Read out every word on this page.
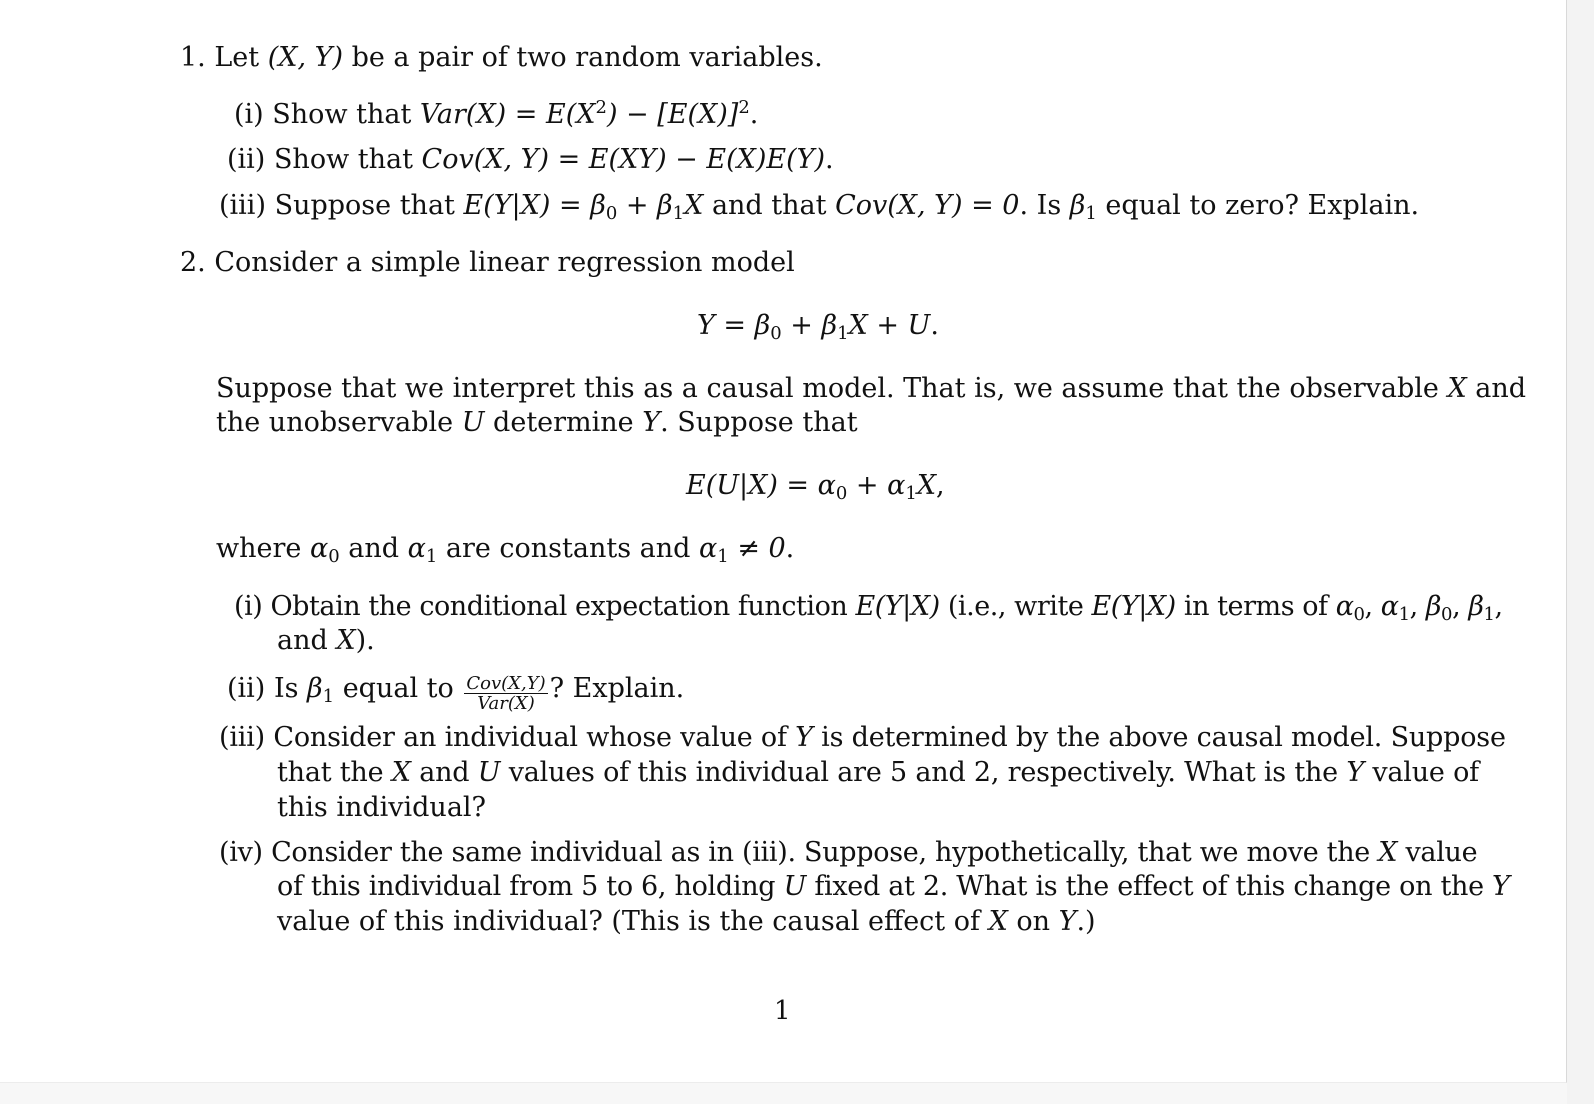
1. Let (X, Y) be a pair of two random variables.
(i) Show that $Var(X) = E(X^2) - [E(X)]^2$.
(ii) Show that Cov(X, Y) = E(XY) − E(X)E(Y).
(iii) Suppose that $E(Y|X) = \beta_0 + \beta_1X$ and that Cov(X, Y) = 0. Is $\beta_1$ equal to zero? Explain.
2. Consider a simple linear regression model
$Y = \beta_0 + \beta_1X + U$.
Suppose that we interpret this as a causal model. That is, we assume that the observable X and
the unobservable U determine Y. Suppose that
$E(U|X) = \alpha_0 + \alpha_1X$,
where $\alpha_0$ and $\alpha_1$ are constants and $\alpha_1 \ne 0$.
(i) Obtain the conditional expectation function E(Y|X) (i.e., write E(Y|X) in terms of $\alpha_0$, $\alpha_1$, $\beta_0$, $\beta_1$,
and X).
(ii) Is $\beta_1$ equal to $\frac{\text{Cov(X,Y)}}{\text{Var(X)}}$ ? Explain.
(iii) Consider an individual whose value of Y is determined by the above causal model. Suppose
that the X and U values of this individual are 5 and 2, respectively. What is the Y value of
this individual?
(iv) Consider the same individual as in (iii). Suppose, hypothetically, that we move the X value
of this individual from 5 to 6, holding U fixed at 2. What is the effect of this change on the Y
value of this individual? (This is the causal effect of X on Y.)
1
